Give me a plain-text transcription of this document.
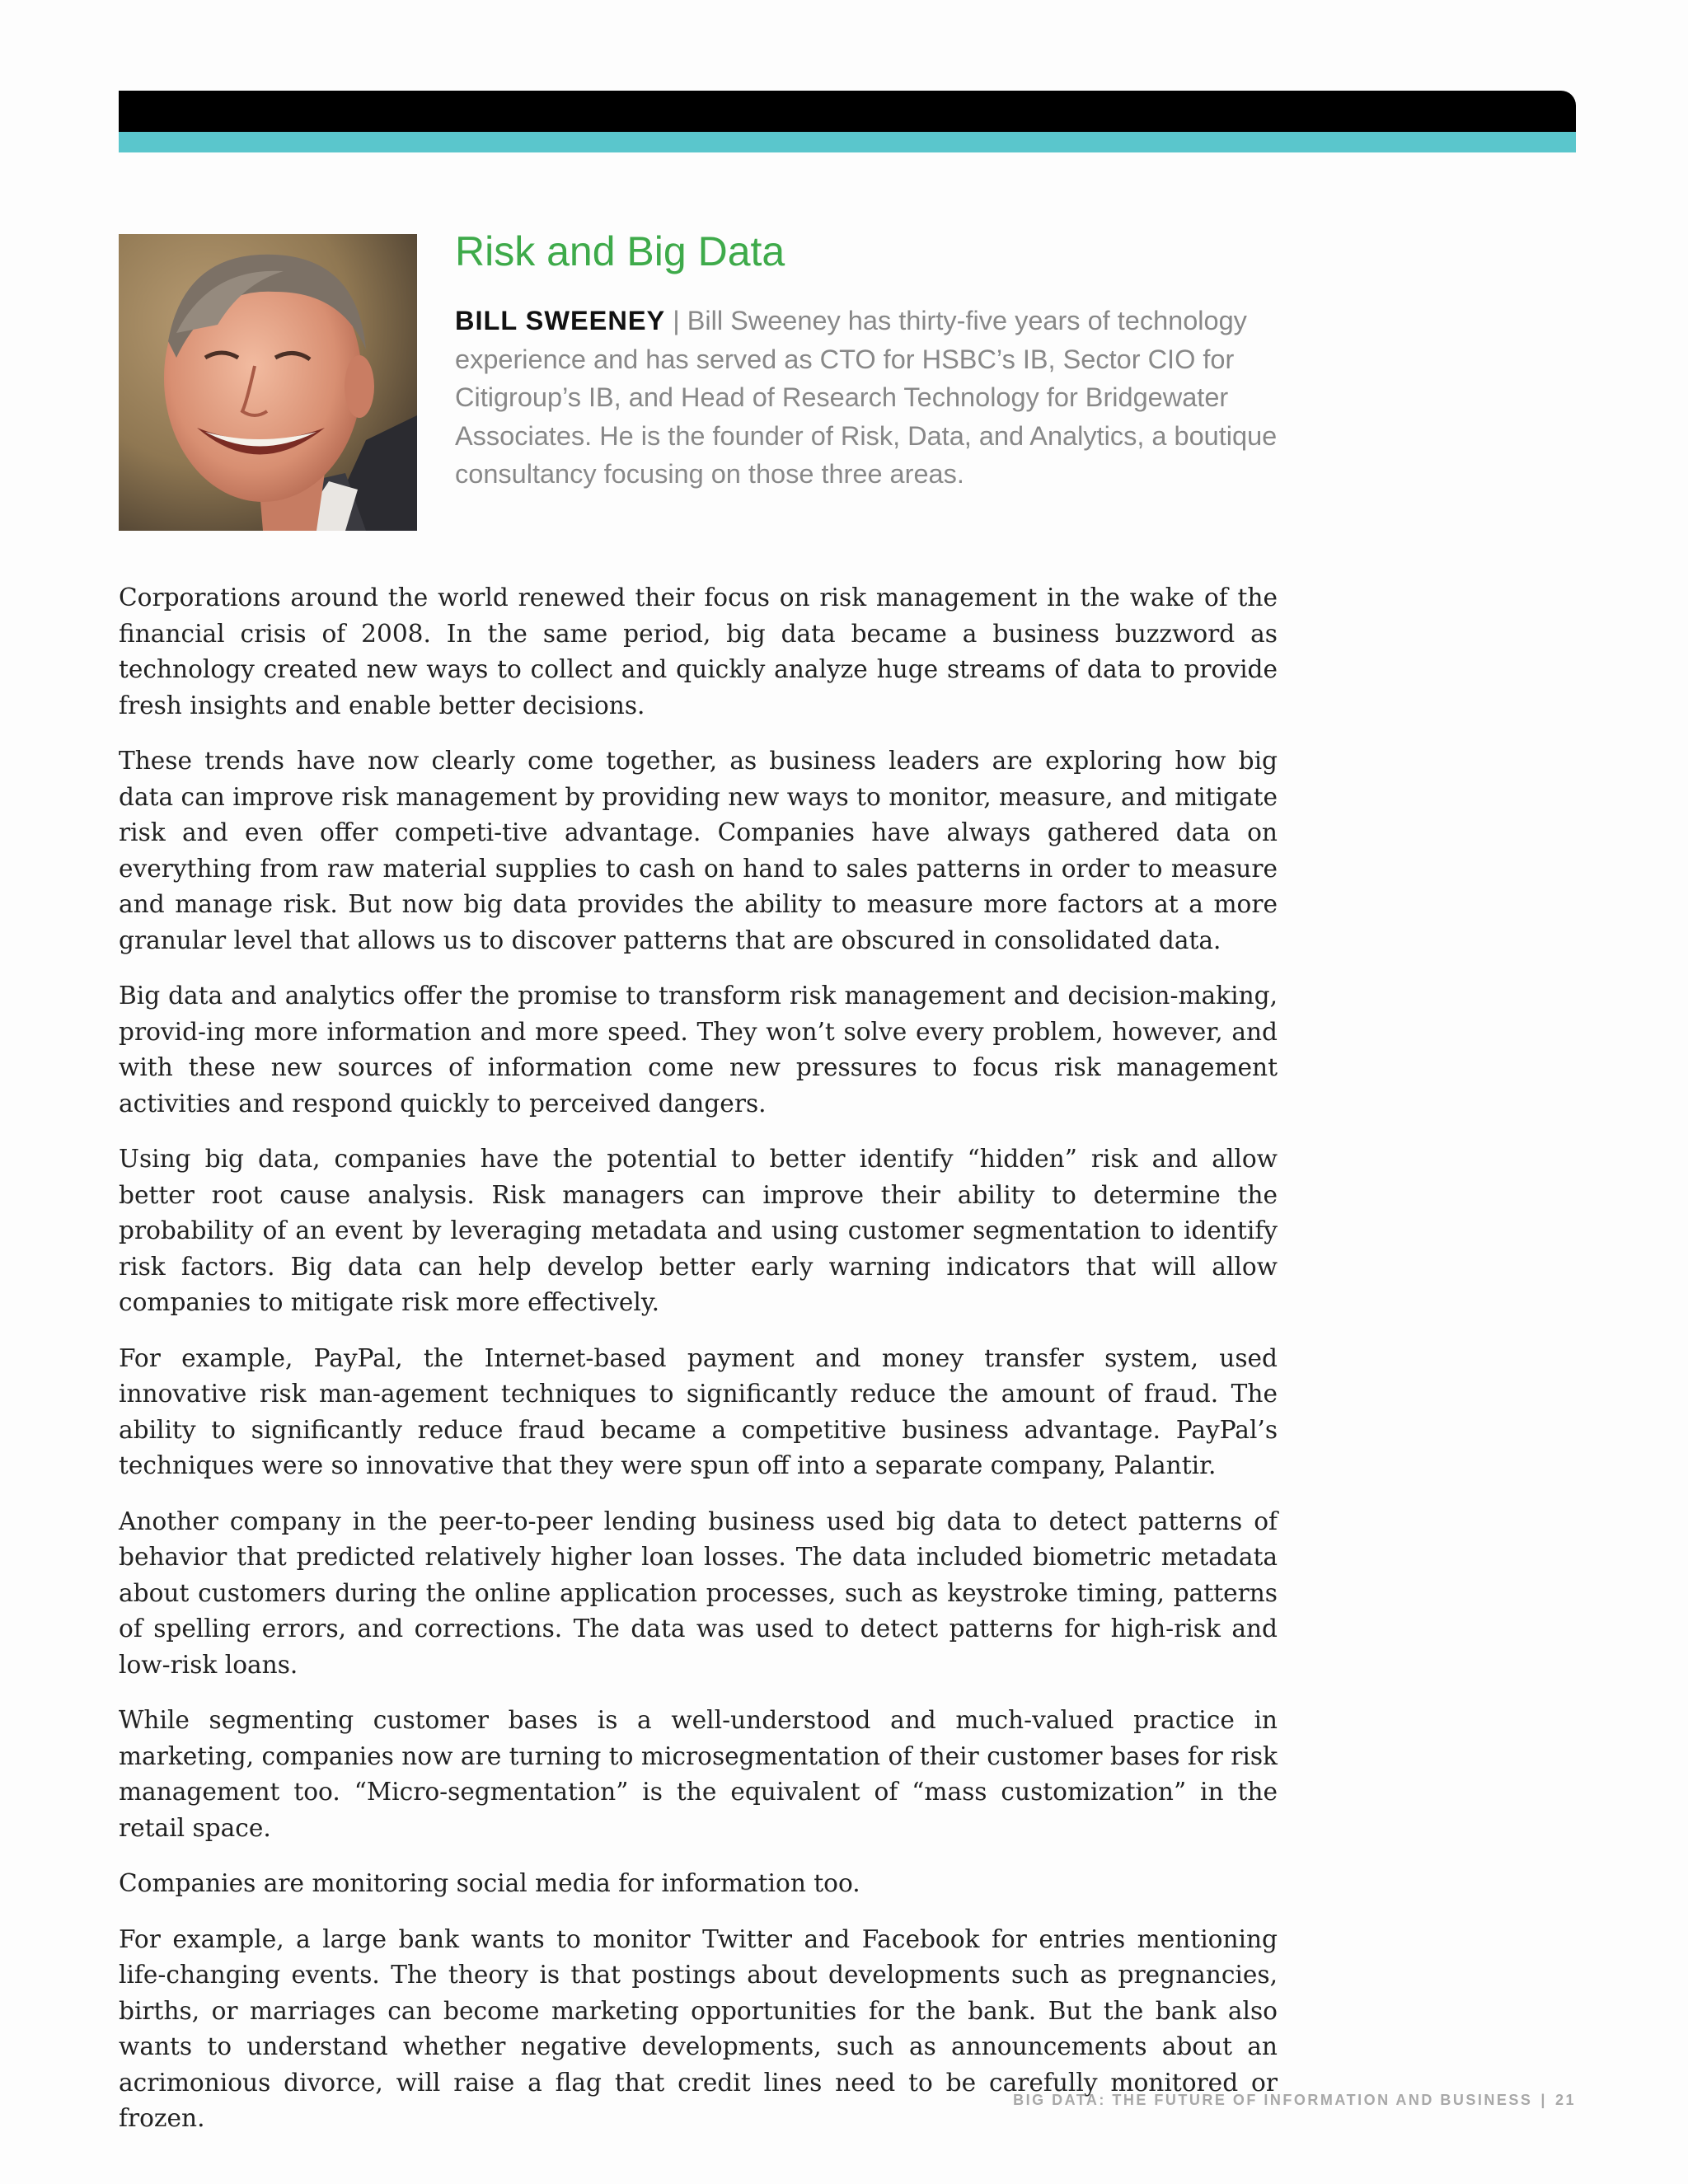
Risk and Big Data

BILL SWEENEY | Bill Sweeney has thirty-five years of technology experience and has served as CTO for HSBC’s IB, Sector CIO for Citigroup’s IB, and Head of Research Technology for Bridgewater Associates. He is the founder of Risk, Data, and Analytics, a boutique consultancy focusing on those three areas.

Corporations around the world renewed their focus on risk management in the wake of the financial crisis of 2008. In the same period, big data became a business buzzword as technology created new ways to collect and quickly analyze huge streams of data to provide fresh insights and enable better decisions.

These trends have now clearly come together, as business leaders are exploring how big data can improve risk management by providing new ways to monitor, measure, and mitigate risk and even offer competi-tive advantage. Companies have always gathered data on everything from raw material supplies to cash on hand to sales patterns in order to measure and manage risk. But now big data provides the ability to measure more factors at a more granular level that allows us to discover patterns that are obscured in consolidated data.

Big data and analytics offer the promise to transform risk management and decision-making, provid-ing more information and more speed. They won’t solve every problem, however, and with these new sources of information come new pressures to focus risk management activities and respond quickly to perceived dangers.

Using big data, companies have the potential to better identify “hidden” risk and allow better root cause analysis. Risk managers can improve their ability to determine the probability of an event by leveraging metadata and using customer segmentation to identify risk factors. Big data can help develop better early warning indicators that will allow companies to mitigate risk more effectively.

For example, PayPal, the Internet-based payment and money transfer system, used innovative risk man-agement techniques to significantly reduce the amount of fraud. The ability to significantly reduce fraud became a competitive business advantage. PayPal’s techniques were so innovative that they were spun off into a separate company, Palantir.

Another company in the peer-to-peer lending business used big data to detect patterns of behavior that predicted relatively higher loan losses. The data included biometric metadata about customers during the online application processes, such as keystroke timing, patterns of spelling errors, and corrections. The data was used to detect patterns for high-risk and low-risk loans.

While segmenting customer bases is a well-understood and much-valued practice in marketing, companies now are turning to microsegmentation of their customer bases for risk management too. “Micro-segmentation” is the equivalent of “mass customization” in the retail space.

Companies are monitoring social media for information too.

For example, a large bank wants to monitor Twitter and Facebook for entries mentioning life-changing events. The theory is that postings about developments such as pregnancies, births, or marriages can become marketing opportunities for the bank. But the bank also wants to understand whether negative developments, such as announcements about an acrimonious divorce, will raise a flag that credit lines need to be carefully monitored or frozen.

BIG DATA: THE FUTURE OF INFORMATION AND BUSINESS | 21
